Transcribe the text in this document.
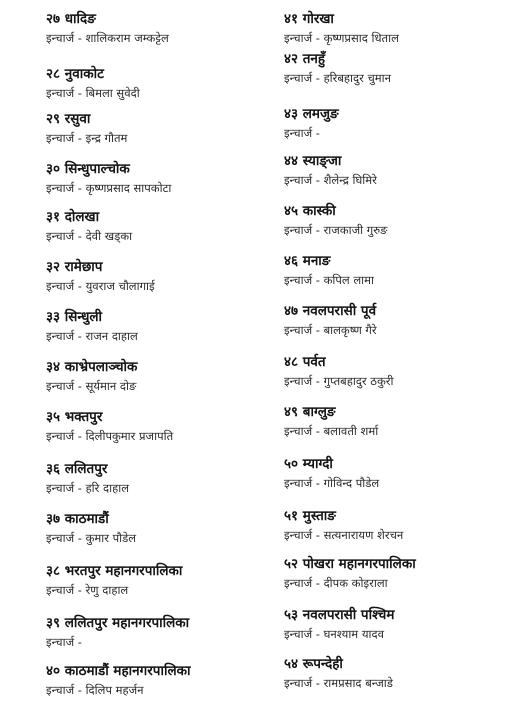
२७ धादिङ
इन्चार्ज - शालिकराम जम्कट्टेल
२८ नुवाकोट
इन्चार्ज - बिमला सुवेदी
२९ रसुवा
इन्चार्ज - इन्द्र गौतम
३० सिन्धुपाल्चोक
इन्चार्ज - कृष्णप्रसाद सापकोटा
३१ दोलखा
इन्चार्ज - देवी खड्का
३२ रामेछाप
इन्चार्ज - युवराज चौलागाई
३३ सिन्धुली
इन्चार्ज - राजन दाहाल
३४ काभ्रेपलाञ्चोक
इन्चार्ज - सूर्यमान दोङ
३५ भक्तपुर
इन्चार्ज - दिलीपकुमार प्रजापति
३६ ललितपुर
इन्चार्ज - हरि दाहाल
३७ काठमाडौं
इन्चार्ज - कुमार पौडेल
३८ भरतपुर महानगरपालिका
इन्चार्ज - रेणु दाहाल
३९ ललितपुर महानगरपालिका
इन्चार्ज -
४० काठमाडौं महानगरपालिका
इन्चार्ज - दिलिप महर्जन
४१ गोरखा
इन्चार्ज - कृष्णप्रसाद धिताल
४२ तनहुँ
इन्चार्ज - हरिबहादुर चुमान
४३ लमजुङ
इन्चार्ज -
४४ स्याङ्जा
इन्चार्ज - शैलेन्द्र घिमिरे
४५ कास्की
इन्चार्ज - राजकाजी गुरुङ
४६ मनाङ
इन्चार्ज - कपिल लामा
४७ नवलपरासी पूर्व
इन्चार्ज - बालकृष्ण गैरे
४८ पर्वत
इन्चार्ज - गुप्तबहादुर ठकुरी
४९ बाग्लुङ
इन्चार्ज - बलावती शर्मा
५० म्याग्दी
इन्चार्ज - गोविन्द पौडेल
५१ मुस्ताङ
इन्चार्ज - सत्यनारायण शेरचन
५२ पोखरा महानगरपालिका
इन्चार्ज - दीपक कोइराला
५३ नवलपरासी पश्चिम
इन्चार्ज - घनश्याम यादव
५४ रूपन्देही
इन्चार्ज - रामप्रसाद बन्जाडे
